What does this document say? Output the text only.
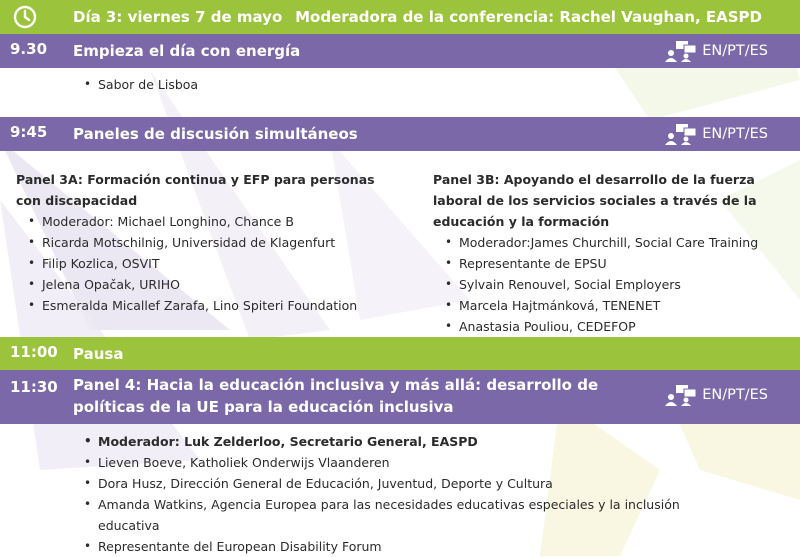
Día 3: viernes 7 de mayo Moderadora de la conferencia: Rachel Vaughan, EASPD
9.30 Empieza el día con energía	EN/PT/ES
• Sabor de Lisboa
9:45 Paneles de discusión simultáneos	EN/PT/ES
Panel 3A: Formación continua y EFP para personas con discapacidad
• Moderador: Michael Longhino, Chance B
• Ricarda Motschilnig, Universidad de Klagenfurt
• Filip Kozlica, OSVIT
• Jelena Opačak, URIHO
• Esmeralda Micallef Zarafa, Lino Spiteri Foundation
Panel 3B: Apoyando el desarrollo de la fuerza laboral de los servicios sociales a través de la educación y la formación
• Moderador:James Churchill, Social Care Training
• Representante de EPSU
• Sylvain Renouvel, Social Employers
• Marcela Hajtmánková, TENENET
• Anastasia Pouliou, CEDEFOP
11:00 Pausa
11:30 Panel 4: Hacia la educación inclusiva y más allá: desarrollo de políticas de la UE para la educación inclusiva
EN/PT/ES
• Moderador: Luk Zelderloo, Secretario General, EASPD
• Lieven Boeve, Katholiek Onderwijs Vlaanderen
• Dora Husz, Dirección General de Educación, Juventud, Deporte y Cultura
• Amanda Watkins, Agencia Europea para las necesidades educativas especiales y la inclusión educativa
• Representante del European Disability Forum
